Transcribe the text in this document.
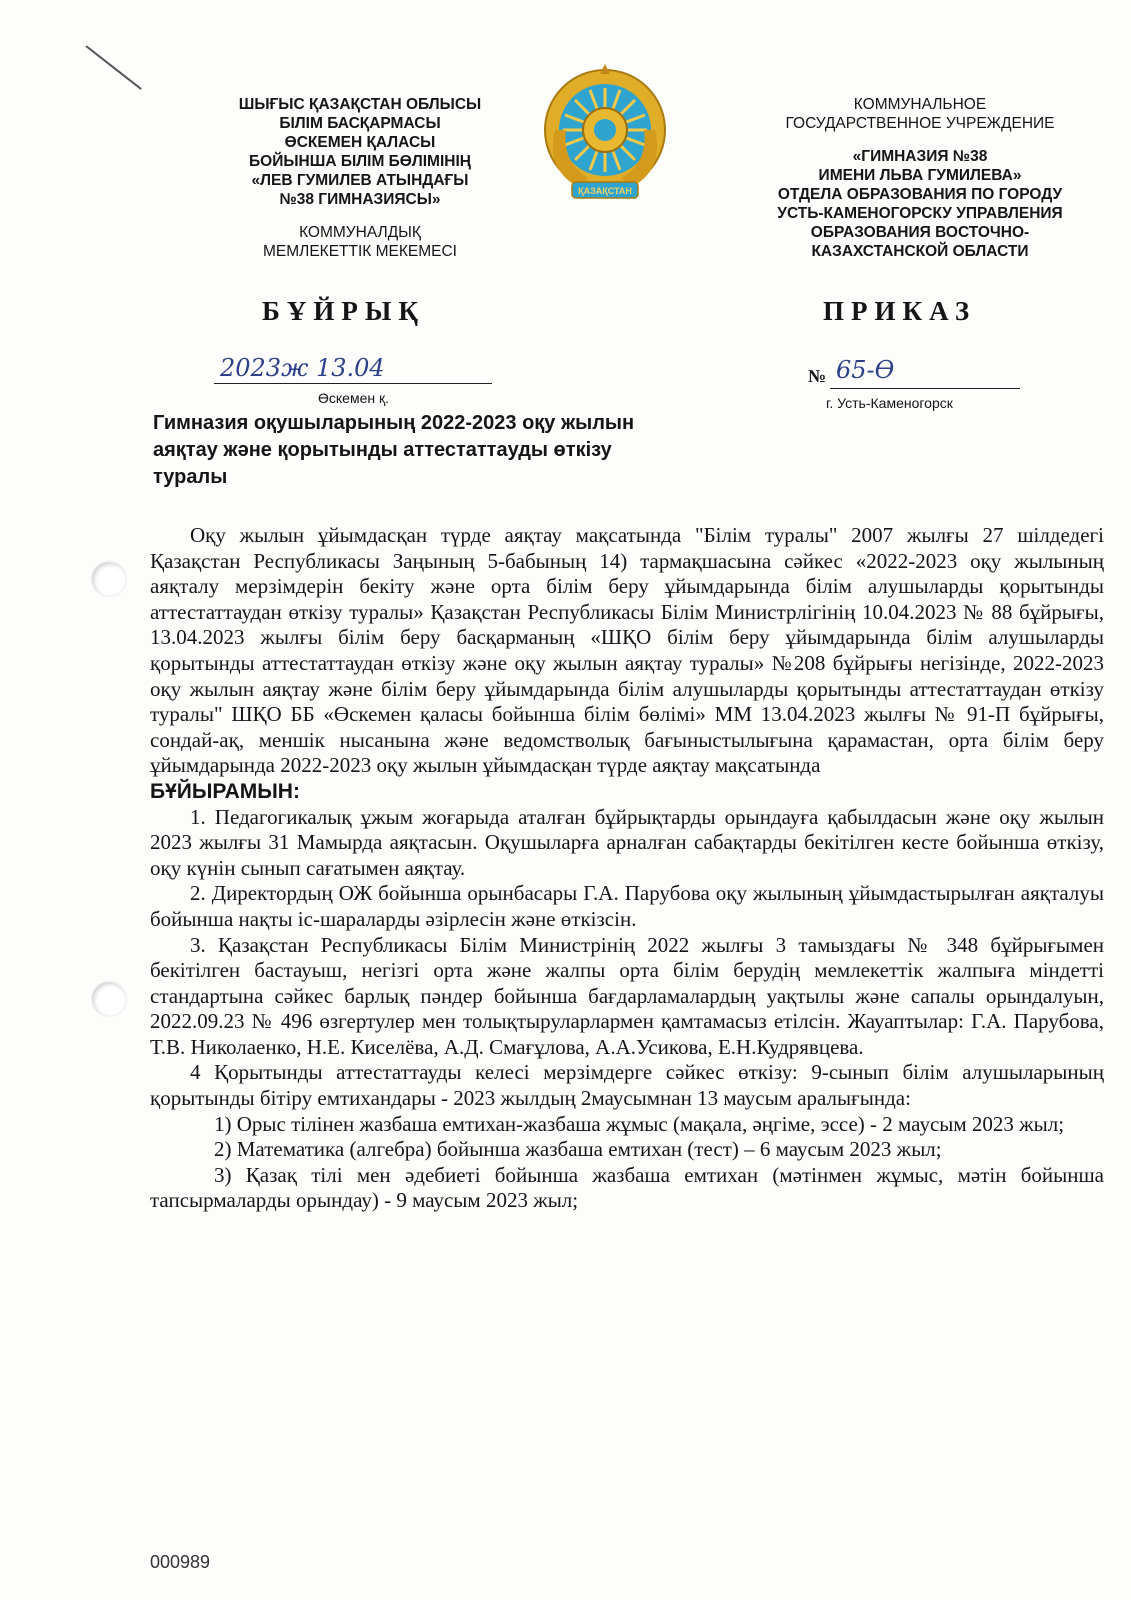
ШЫҒЫС ҚАЗАҚСТАН ОБЛЫСЫ
БІЛІМ БАСҚАРМАСЫ
ӨСКЕМЕН ҚАЛАСЫ
БОЙЫНША БІЛІМ БӨЛІМІНІҢ
«ЛЕВ ГУМИЛЕВ АТЫНДАҒЫ
№38 ГИМНАЗИЯСЫ»
КОММУНАЛДЫҚ
МЕМЛЕКЕТТІК МЕКЕМЕСІ
ҚАЗАҚСТАН
КОММУНАЛЬНОЕ
ГОСУДАРСТВЕННОЕ УЧРЕЖДЕНИЕ
«ГИМНАЗИЯ №38
ИМЕНИ ЛЬВА ГУМИЛЕВА»
ОТДЕЛА ОБРАЗОВАНИЯ ПО ГОРОДУ
УСТЬ-КАМЕНОГОРСКУ УПРАВЛЕНИЯ
ОБРАЗОВАНИЯ ВОСТОЧНО-
КАЗАХСТАНСКОЙ ОБЛАСТИ
БҰЙРЫҚ	ПРИКАЗ
2023ж 13.04
Өскемен қ.
№ 65-Ө
г. Усть-Каменогорск
Гимназия оқушыларының 2022-2023 оқу жылын аяқтау және қорытынды аттестаттауды өткізу туралы

Оқу жылын ұйымдасқан түрде аяқтау мақсатында "Білім туралы" 2007 жылғы 27 шілдедегі Қазақстан Республикасы Заңының 5-бабының 14) тармақшасына сәйкес «2022-2023 оқу жылының аяқталу мерзімдерін бекіту және орта білім беру ұйымдарында білім алушыларды қорытынды аттестаттаудан өткізу туралы» Қазақстан Республикасы Білім Министрлігінің 10.04.2023 № 88 бұйрығы, 13.04.2023 жылғы білім беру басқарманың «ШҚО білім беру ұйымдарында білім алушыларды қорытынды аттестаттаудан өткізу және оқу жылын аяқтау туралы» №208 бұйрығы негізінде, 2022-2023 оқу жылын аяқтау және білім беру ұйымдарында білім алушыларды қорытынды аттестаттаудан өткізу туралы" ШҚО ББ «Өскемен қаласы бойынша білім бөлімі» ММ 13.04.2023 жылғы № 91-П бұйрығы, сондай-ақ, меншік нысанына және ведомстволық бағыныстылығына қарамастан, орта білім беру ұйымдарында 2022-2023 оқу жылын ұйымдасқан түрде аяқтау мақсатында

БҰЙЫРАМЫН:

1. Педагогикалық ұжым жоғарыда аталған бұйрықтарды орындауға қабылдасын және оқу жылын 2023 жылғы 31 Мамырда аяқтасын. Оқушыларға арналған сабақтарды бекітілген кесте бойынша өткізу, оқу күнін сынып сағатымен аяқтау.

2. Директордың ОЖ бойынша орынбасары Г.А. Парубова оқу жылының ұйымдастырылған аяқталуы бойынша нақты іс-шараларды әзірлесін және өткізсін.

3. Қазақстан Республикасы Білім Министрінің 2022 жылғы 3 тамыздағы № 348 бұйрығымен бекітілген бастауыш, негізгі орта және жалпы орта білім берудің мемлекеттік жалпыға міндетті стандартына сәйкес барлық пәндер бойынша бағдарламалардың уақтылы және сапалы орындалуын, 2022.09.23 № 496 өзгертулер мен толықтыруларлармен қамтамасыз етілсін. Жауаптылар: Г.А. Парубова, Т.В. Николаенко, Н.Е. Киселёва, А.Д. Смағұлова, А.А.Усикова, Е.Н.Кудрявцева.

4 Қорытынды аттестаттауды келесі мерзімдерге сәйкес өткізу: 9-сынып білім алушыларының қорытынды бітіру емтихандары - 2023 жылдың 2маусымнан 13 маусым аралығында:

1) Орыс тілінен жазбаша емтихан-жазбаша жұмыс (мақала, әңгіме, эссе) - 2 маусым 2023 жыл;

2) Математика (алгебра) бойынша жазбаша емтихан (тест) – 6 маусым 2023 жыл;

3) Қазақ тілі мен әдебиеті бойынша жазбаша емтихан (мәтінмен жұмыс, мәтін бойынша тапсырмаларды орындау) - 9 маусым 2023 жыл;

000989
